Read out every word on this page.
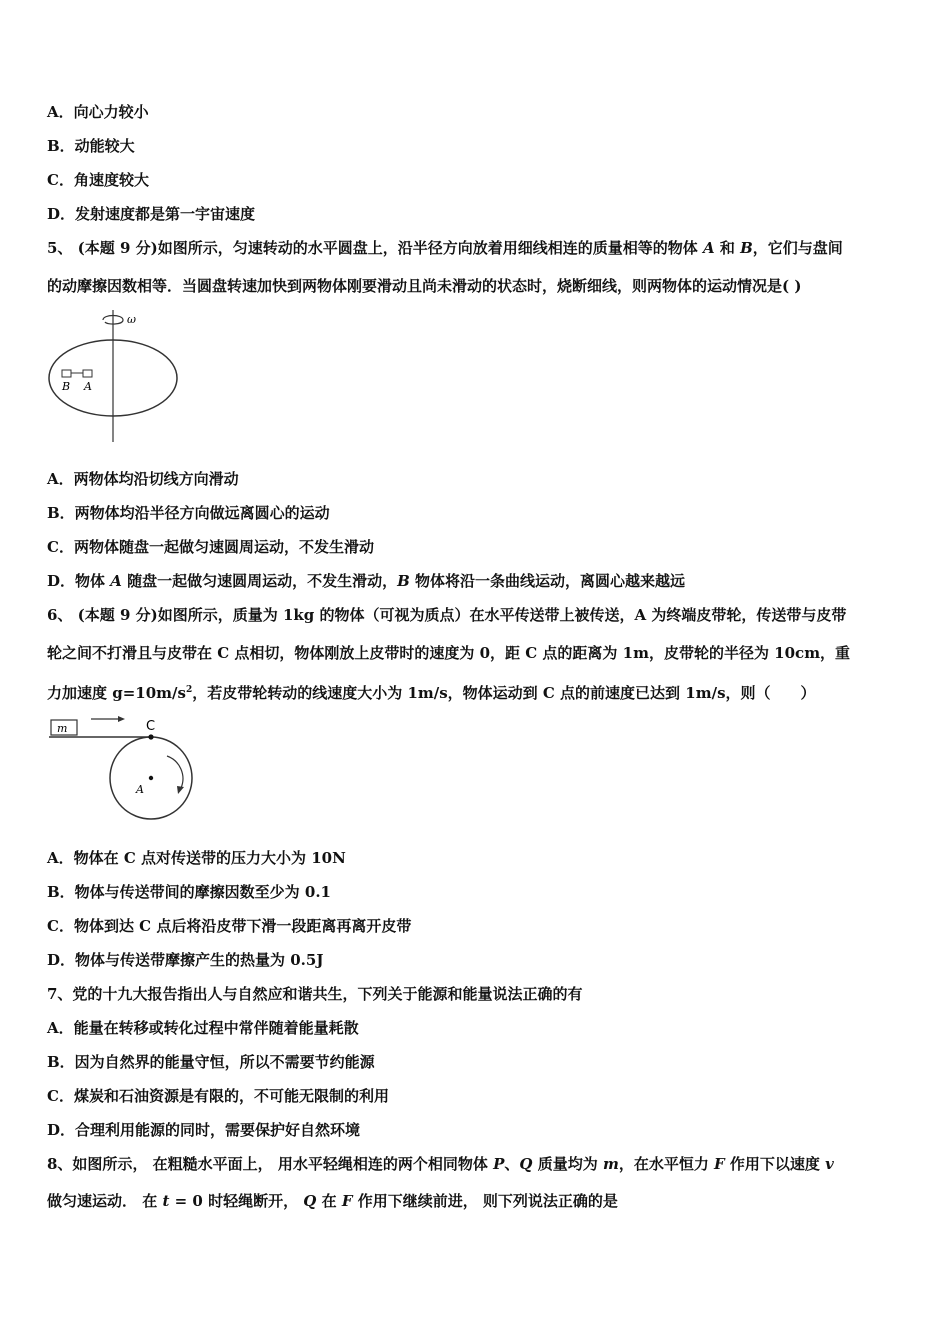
A．向心力较小
B．动能较大
C．角速度较大
D．发射速度都是第一宇宙速度
5、 (本题 9 分)如图所示，匀速转动的水平圆盘上，沿半径方向放着用细线相连的质量相等的物体 A 和 B，它们与盘间
的动摩擦因数相等．当圆盘转速加快到两物体刚要滑动且尚未滑动的状态时，烧断细线，则两物体的运动情况是( )
ω
B A
A．两物体均沿切线方向滑动
B．两物体均沿半径方向做远离圆心的运动
C．两物体随盘一起做匀速圆周运动，不发生滑动
D．物体 A 随盘一起做匀速圆周运动，不发生滑动，B 物体将沿一条曲线运动，离圆心越来越远
6、 (本题 9 分)如图所示，质量为 1kg 的物体（可视为质点）在水平传送带上被传送，A 为终端皮带轮，传送带与皮带
轮之间不打滑且与皮带在 C 点相切，物体刚放上皮带时的速度为 0，距 C 点的距离为 1m，皮带轮的半径为 10cm，重
力加速度 $g=10m/s^2$，若皮带轮转动的线速度大小为 1m/s，物体运动到 C 点的前速度已达到 1m/s，则（　　）
m	C
A
A．物体在 C 点对传送带的压力大小为 10N
B．物体与传送带间的摩擦因数至少为 0.1
C．物体到达 C 点后将沿皮带下滑一段距离再离开皮带
D．物体与传送带摩擦产生的热量为 0.5J
7、党的十九大报告指出人与自然应和谐共生，下列关于能源和能量说法正确的有
A．能量在转移或转化过程中常伴随着能量耗散
B．因为自然界的能量守恒，所以不需要节约能源
C．煤炭和石油资源是有限的，不可能无限制的利用
D．合理利用能源的同时，需要保护好自然环境
8、如图所示， 在粗糙水平面上， 用水平轻绳相连的两个相同物体 P、Q 质量均为 m，在水平恒力 F 作用下以速度 v
做匀速运动． 在 t = 0 时轻绳断开， Q 在 F 作用下继续前进， 则下列说法正确的是
